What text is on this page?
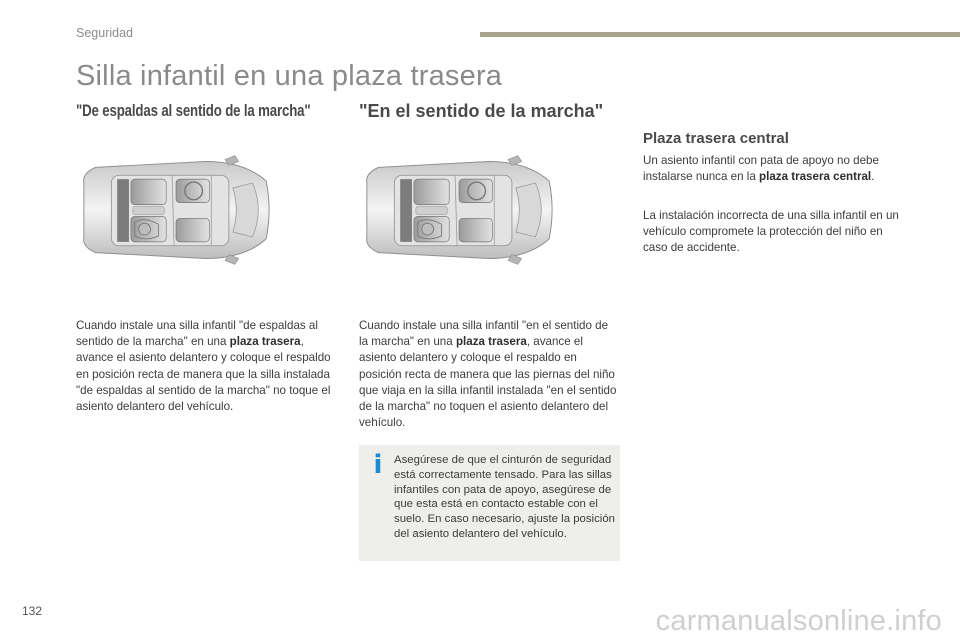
Seguridad
Silla infantil en una plaza trasera
"De espaldas al sentido de la marcha"	"En el sentido de la marcha"
Plaza trasera central

Cuando instale una silla infantil "de espaldas al sentido de la marcha" en una plaza trasera, avance el asiento delantero y coloque el respaldo en posición recta de manera que la silla instalada "de espaldas al sentido de la marcha" no toque el asiento delantero del vehículo.

Cuando instale una silla infantil "en el sentido de la marcha" en una plaza trasera, avance el asiento delantero y coloque el respaldo en posición recta de manera que las piernas del niño que viaja en la silla infantil instalada "en el sentido de la marcha" no toquen el asiento delantero del vehículo.

i	Asegúrese de que el cinturón de seguridad está correctamente tensado. Para las sillas infantiles con pata de apoyo, asegúrese de que esta está en contacto estable con el suelo. En caso necesario, ajuste la posición del asiento delantero del vehículo.

Un asiento infantil con pata de apoyo no debe instalarse nunca en la plaza trasera central.

La instalación incorrecta de una silla infantil en un vehículo compromete la protección del niño en caso de accidente.

132	carmanualsonline.info
